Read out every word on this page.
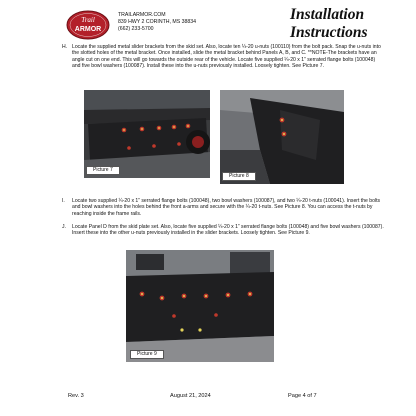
Trail
ARMOR
TRAILARMOR.COM
839 HWY 2 CORINTH, MS 38834
(662) 233-5700
Installation
Instructions
H. Locate the supplied metal slider brackets from the skid set. Also, locate ten ¼-20 u-nuts (100110) from the bolt pack. Snap the u-nuts into the slotted holes of the metal bracket. Once installed, slide the metal bracket behind Panels A, B, and C. **NOTE-The brackets have an angle cut on one end. This will go towards the outside rear of the vehicle. Locate five supplied ¼-20 x 1” serrated flange bolts (100048) and five bowl washers (100087). Install these into the u-nuts previously installed. Loosely tighten. See Picture 7.
Picture 7
Picture 8
I. Locate two supplied ¼-20 x 1” serrated flange bolts (100048), two bowl washers (100087), and two ¼-20 t-nuts (100041). Insert the bolts and bowl washers into the holes behind the front a-arms and secure with the ¼-20 t-nuts. See Picture 8. You can access the t-nuts by reaching inside the frame rails.
J. Locate Panel D from the skid plate set. Also, locate five supplied ¼-20 x 1” serrated flange bolts (100048) and five bowl washers (100087). Insert these into the other u-nuts previously installed in the slider brackets. Loosely tighten. See Picture 9.
Picture 9
Rev. 3	August 21, 2024	Page 4 of 7
